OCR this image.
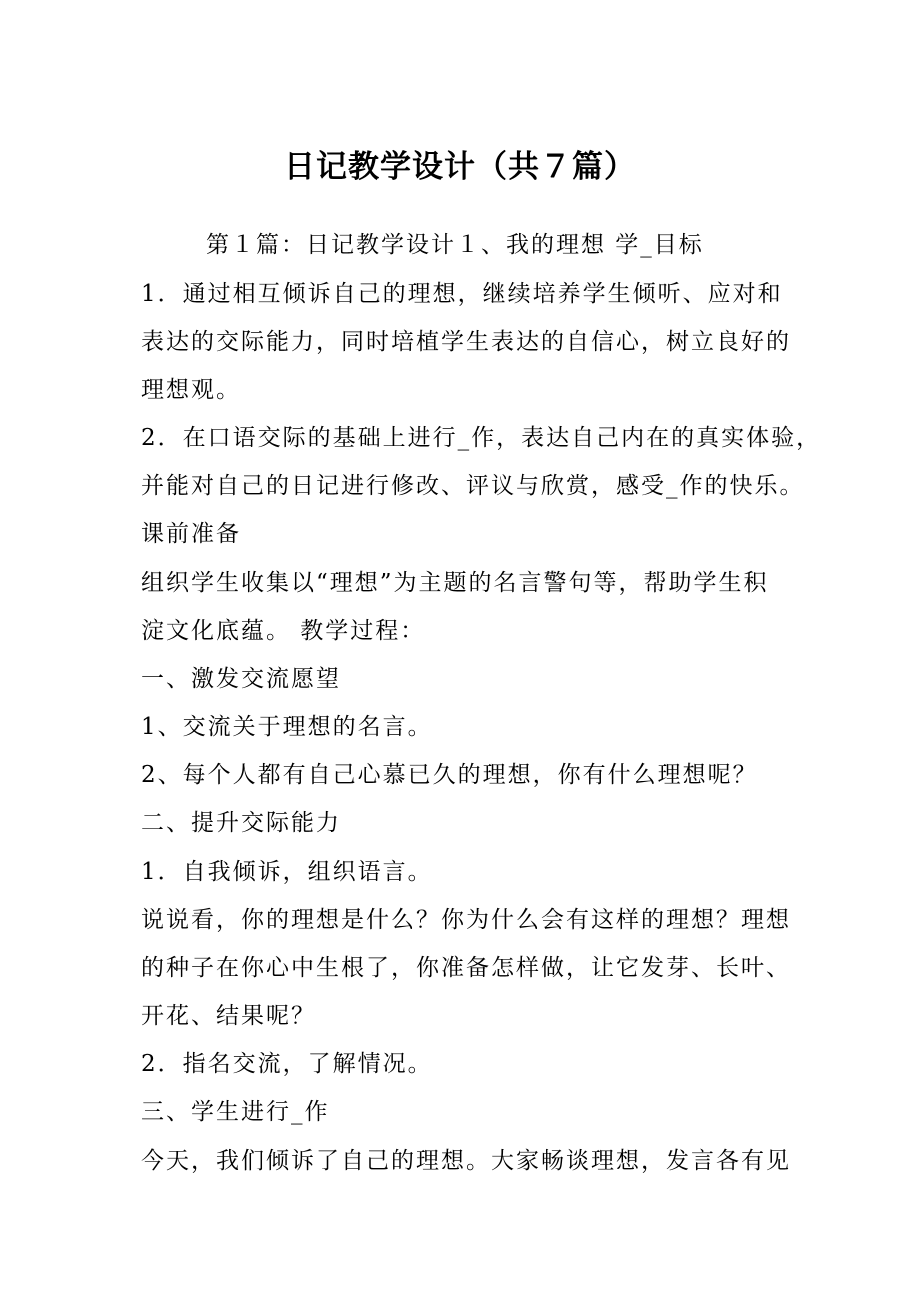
日记教学设计（共７篇）
第１篇：日记教学设计１、我的理想 学_目标
1．通过相互倾诉自己的理想，继续培养学生倾听、应对和
表达的交际能力，同时培植学生表达的自信心，树立良好的
理想观。
2．在口语交际的基础上进行_作，表达自己内在的真实体验，
并能对自己的日记进行修改、评议与欣赏，感受_作的快乐。
课前准备
组织学生收集以“理想”为主题的名言警句等，帮助学生积
淀文化底蕴。 教学过程：
一、激发交流愿望
1、交流关于理想的名言。
2、每个人都有自己心慕已久的理想，你有什么理想呢？
二、提升交际能力
1．自我倾诉，组织语言。
说说看，你的理想是什么？你为什么会有这样的理想？理想
的种子在你心中生根了，你准备怎样做，让它发芽、长叶、
开花、结果呢？
2．指名交流，了解情况。
三、学生进行_作
今天，我们倾诉了自己的理想。大家畅谈理想，发言各有见
